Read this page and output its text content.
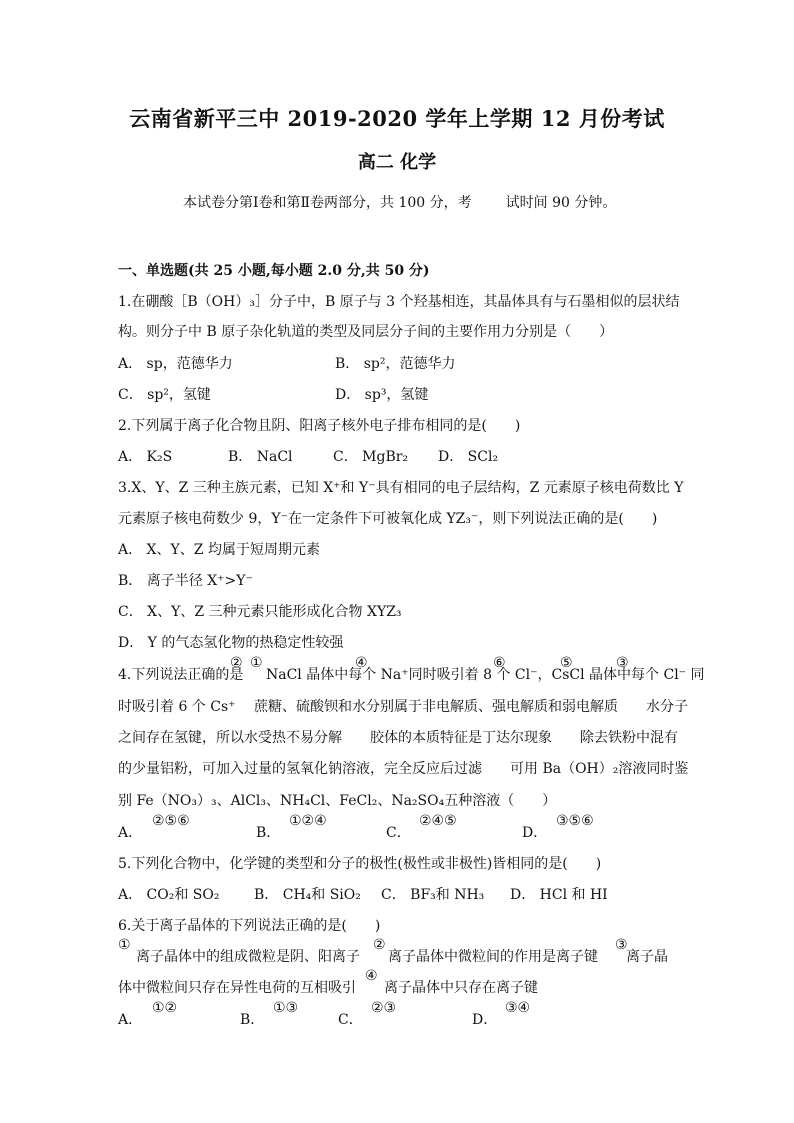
云南省新平三中 2019-2020 学年上学期 12 月份考试
高二 化学
本试卷分第Ⅰ卷和第Ⅱ卷两部分，共 100 分，考 试时间 90 分钟。
一、单选题(共 25 小题,每小题 2.0 分,共 50 分)
1.在硼酸［B（OH）₃］分子中，B 原子与 3 个羟基相连，其晶体具有与石墨相似的层状结
构。则分子中 B 原子杂化轨道的类型及同层分子间的主要作用力分别是（　　）
A． sp，范德华力	B． sp²，范德华力
C． sp²，氢键	D． sp³，氢键
2.下列属于离子化合物且阴、阳离子核外电子排布相同的是(　　)
A． K₂S	B． NaCl	C． MgBr₂ D． SCl₂
3.X、Y、Z 三种主族元素，已知 X⁺和 Y⁻具有相同的电子层结构，Z 元素原子核电荷数比 Y
元素原子核电荷数少 9，Y⁻在一定条件下可被氧化成 YZ₃⁻，则下列说法正确的是(　　)
A． X、Y、Z 均属于短周期元素
B． 离子半径 X⁺>Y⁻
C． X、Y、Z 三种元素只能形成化合物 XYZ₃
D． Y 的气态氢化物的热稳定性较强
4.下列说法正确的是 NaCl 晶体中每个 Na⁺同时吸引着 8 个 Cl⁻，CsCl 晶体中每个 Cl⁻ 同
② ①	④	⑥	⑤	③
时吸引着 6 个 Cs⁺　 蔗糖、硫酸钡和水分别属于非电解质、强电解质和弱电解质　　水分子
之间存在氢键，所以水受热不易分解　　胶体的本质特征是丁达尔现象　　除去铁粉中混有
的少量铝粉，可加入过量的氢氧化钠溶液，完全反应后过滤　　可用 Ba（OH）₂溶液同时鉴
别 Fe（NO₃）₃、AlCl₃、NH₄Cl、FeCl₂、Na₂SO₄五种溶液（　　）
A．
②⑤⑥
B．
①②④
C．
②④⑤
D．
③⑤⑥
5.下列化合物中，化学键的类型和分子的极性(极性或非极性)皆相同的是(　　)
A． CO₂和 SO₂ B． CH₄和 SiO₂ C． BF₃和 NH₃ D． HCl 和 HI
6.关于离子晶体的下列说法正确的是(　　)
①	②	③
离子晶体中的组成微粒是阴、阳离子　　离子晶体中微粒间的作用是离子键　　离子晶
体中微粒间只存在异性电荷的互相吸引　　离子晶体中只存在离子键
④
A．
①②
B．
①③
C．
②③
D．
③④
